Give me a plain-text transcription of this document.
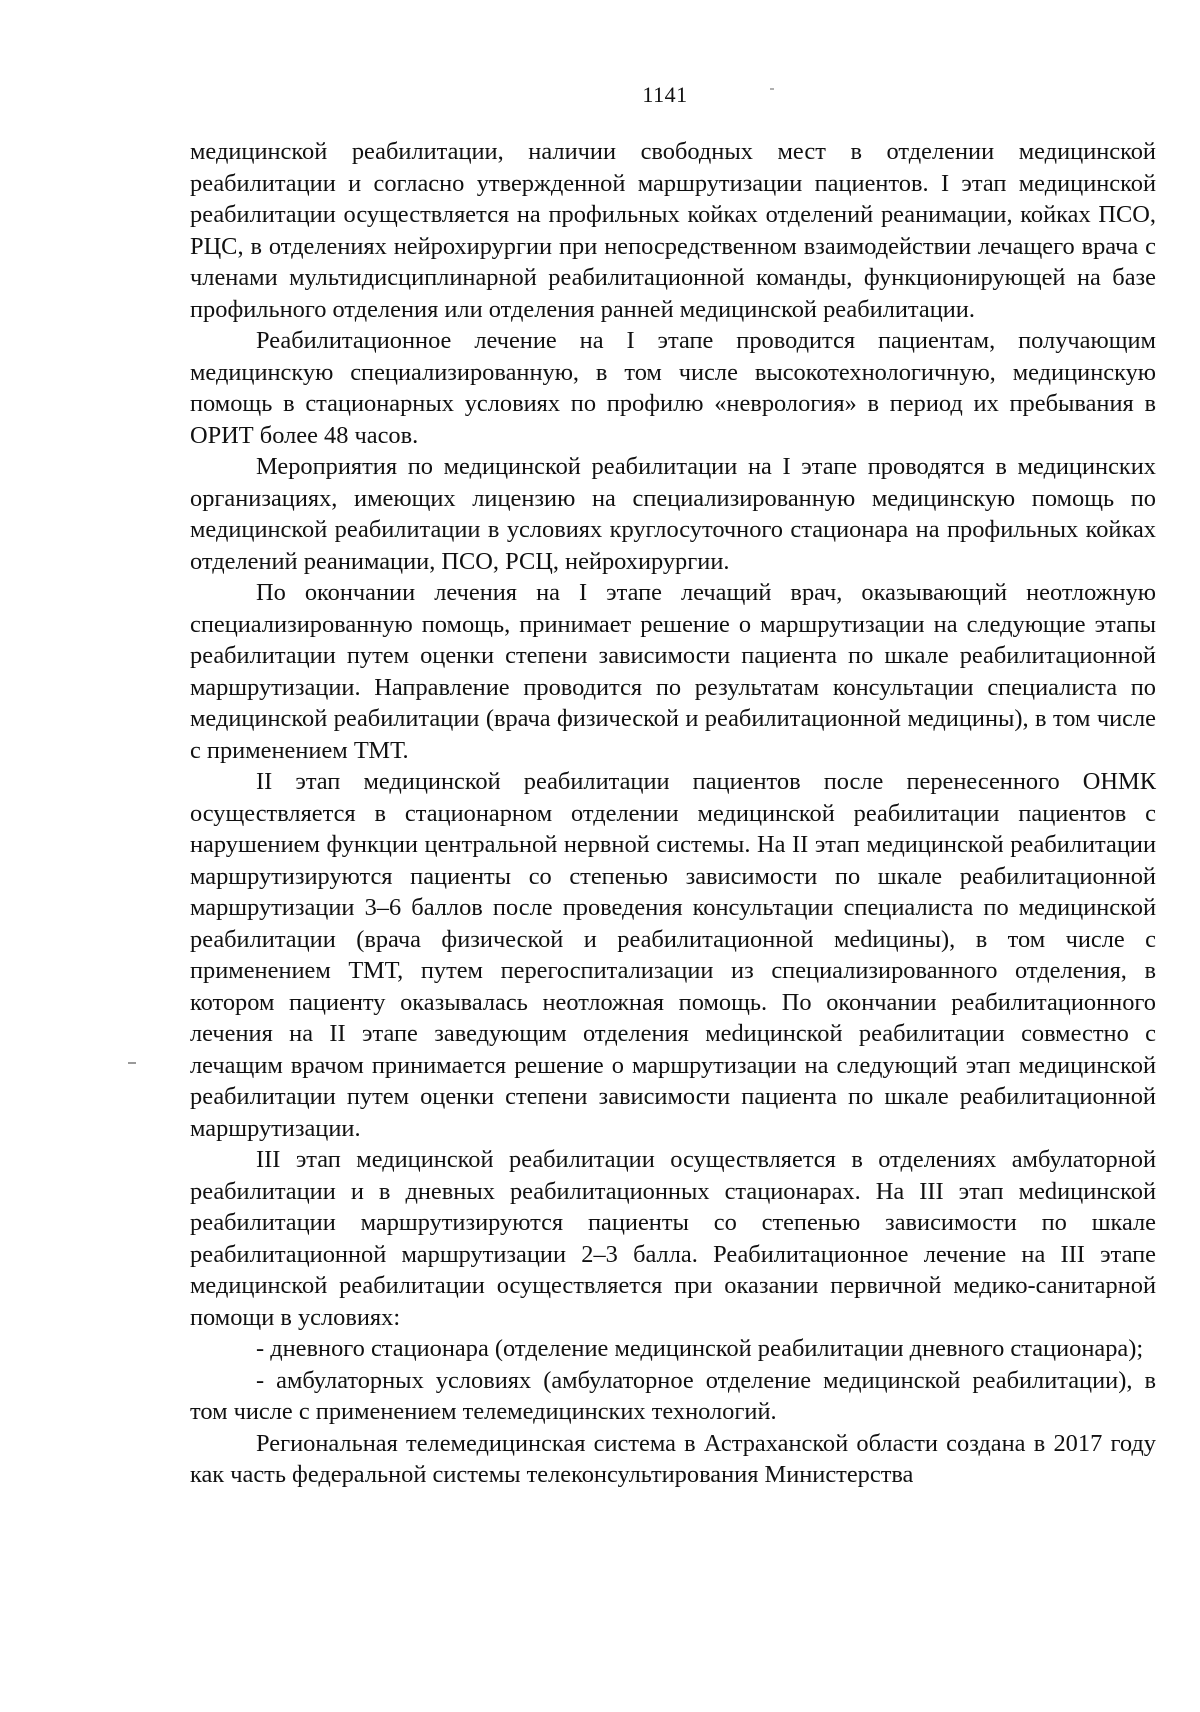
1141

медицинской реабилитации, наличии свободных мест в отделении медицинской реабилитации и согласно утвержденной маршрутизации пациентов. I этап медицинской реабилитации осуществляется на профильных койках отделений реанимации, койках ПСО, РЦС, в отделениях нейрохирургии при непосредственном взаимодействии лечащего врача с членами мультидисциплинарной реабилитационной команды, функционирующей на базе профильного отделения или отделения ранней медицинской реабилитации.

Реабилитационное лечение на I этапе проводится пациентам, получающим медицинскую специализированную, в том числе высокотехнологичную, медицинскую помощь в стационарных условиях по профилю «неврология» в период их пребывания в ОРИТ более 48 часов.

Мероприятия по медицинской реабилитации на I этапе проводятся в медицинских организациях, имеющих лицензию на специализированную медицинскую помощь по медицинской реабилитации в условиях круглосуточного стационара на профильных койках отделений реанимации, ПСО, РСЦ, нейрохирургии.

По окончании лечения на I этапе лечащий врач, оказывающий неотложную специализированную помощь, принимает решение о маршрутизации на следующие этапы реабилитации путем оценки степени зависимости пациента по шкале реабилитационной маршрутизации. Направление проводится по результатам консультации специалиста по медицинской реабилитации (врача физической и реабилитационной медицины), в том числе с применением ТМТ.

II этап медицинской реабилитации пациентов после перенесенного ОНМК осуществляется в стационарном отделении медицинской реабилитации пациентов с нарушением функции центральной нервной системы. На II этап медицинской реабилитации маршрутизируются пациенты со степенью зависимости по шкале реабилитационной маршрутизации 3–6 баллов после проведения консультации специалиста по медицинской реабилитации (врача физической и реабилитационной меdицины), в том числе с применением ТМТ, путем перегоспитализации из специализированного отделения, в котором пациенту оказывалась неотложная помощь. По окончании реабилитационного лечения на II этапе заведующим отделения меdицинской реабилитации совместно с лечащим врачом принимается решение о маршрутизации на следующий этап медицинской реабилитации путем оценки степени зависимости пациента по шкале реабилитационной маршрутизации.

III этап медицинской реабилитации осуществляется в отделениях амбулаторной реабилитации и в дневных реабилитационных стационарах. На III этап меdицинской реабилитации маршрутизируются пациенты со степенью зависимости по шкале реабилитационной маршрутизации 2–3 балла. Реабилитационное лечение на III этапе медицинской реабилитации осуществляется при оказании первичной медико-санитарной помощи в условиях:

- дневного стационара (отделение медицинской реабилитации дневного стационара);

- амбулаторных условиях (амбулаторное отделение медицинской реабилитации), в том числе с применением телемедицинских технологий.

Региональная телемедицинская система в Астраханской области создана в 2017 году как часть федеральной системы телеконсультирования Министерства
